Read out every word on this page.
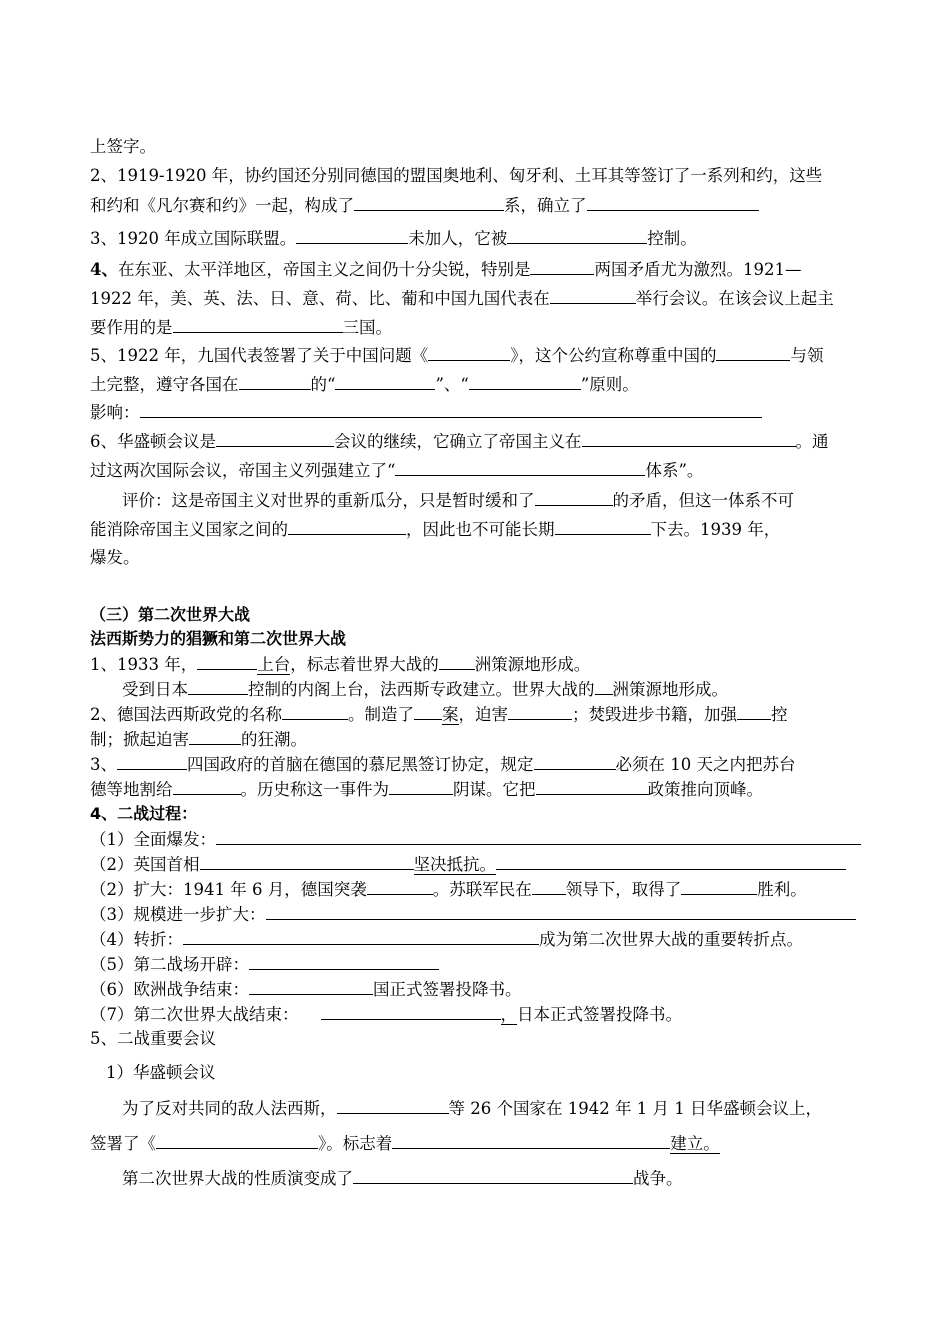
上签字。
2、1919-1920 年，协约国还分别同德国的盟国奥地利、匈牙利、土耳其等签订了一系列和约，这些
和约和《凡尔赛和约》一起，构成了	系，确立了
3、1920 年成立国际联盟。	未加人，它被	控制。
4、在东亚、太平洋地区，帝国主义之间仍十分尖锐，特别是	两国矛盾尤为激烈。1921—
1922 年，美、英、法、日、意、荷、比、葡和中国九国代表在	举行会议。在该会议上起主
要作用的是	三国。
5、1922 年，九国代表签署了关于中国问题《	》，这个公约宣称尊重中国的	与领
土完整，遵守各国在	的“	”、“	”原则。
影响：
6、华盛顿会议是	会议的继续，它确立了帝国主义在	。通
过这两次国际会议，帝国主义列强建立了“	体系”。
评价：这是帝国主义对世界的重新瓜分，只是暂时缓和了	的矛盾，但这一体系不可
能消除帝国主义国家之间的	，因此也不可能长期	下去。1939 年，
爆发。
（三）第二次世界大战
法西斯势力的猖獗和第二次世界大战
1、1933 年，	上台，标志着世界大战的 洲策源地形成。
受到日本	控制的内阁上台，法西斯专政建立。世界大战的 洲策源地形成。
2、德国法西斯政党的名称	。制造了 案，迫害	；焚毁进步书籍，加强 控
制；掀起迫害	的狂潮。
3、	四国政府的首脑在德国的慕尼黑签订协定，规定	必须在 10 天之内把苏台
德等地割给	。历史称这一事件为	阴谋。它把	政策推向顶峰。
4、二战过程：
（1）全面爆发：
（2）英国首相	坚决抵抗。
（2）扩大：1941 年 6 月，德国突袭	。苏联军民在 领导下，取得了	胜利。
（3）规模进一步扩大：
（4）转折：	成为第二次世界大战的重要转折点。
（5）第二战场开辟：
（6）欧洲战争结束：	国正式签署投降书。
（7）第二次世界大战结束：	，日本正式签署投降书。
5、二战重要会议
1）华盛顿会议
为了反对共同的敌人法西斯，	等 26 个国家在 1942 年 1 月 1 日华盛顿会议上，
签署了《	》。标志着	建立。
第二次世界大战的性质演变成了	战争。
